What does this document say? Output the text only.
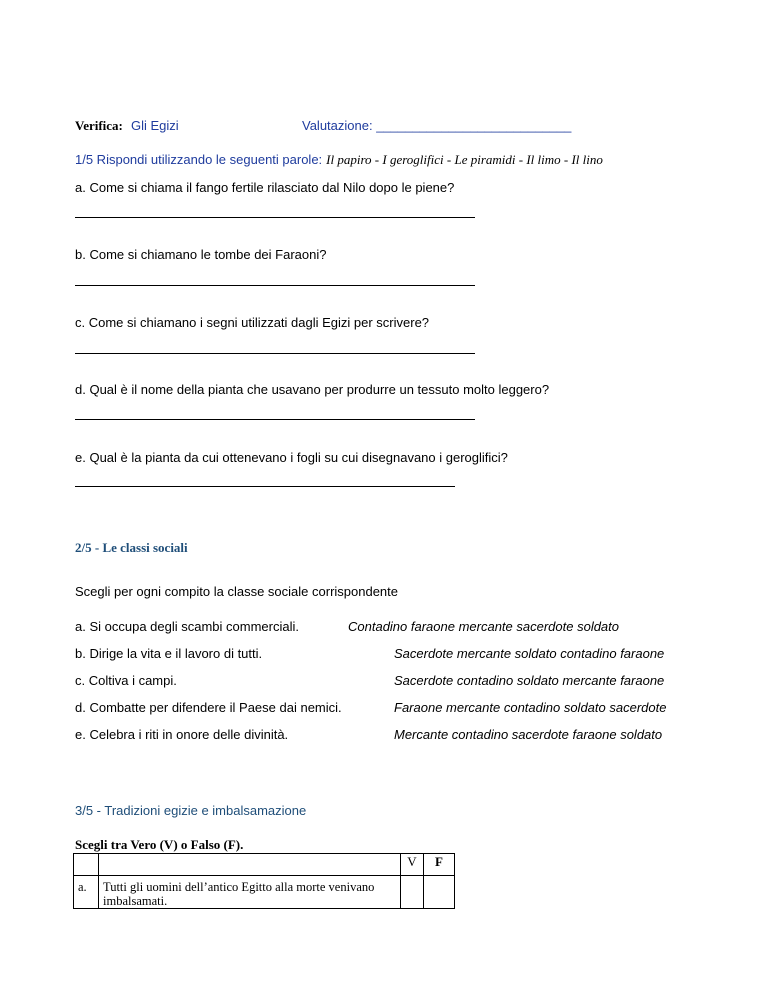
Verifica: Gli Egizi	Valutazione: ___________________________
1/5 Rispondi utilizzando le seguenti parole: Il papiro - I geroglifici - Le piramidi - Il limo - Il lino
a. Come si chiama il fango fertile rilasciato dal Nilo dopo le piene?
b. Come si chiamano le tombe dei Faraoni?
c. Come si chiamano i segni utilizzati dagli Egizi per scrivere?
d. Qual è il nome della pianta che usavano per produrre un tessuto molto leggero?
e. Qual è la pianta da cui ottenevano i fogli su cui disegnavano i geroglifici?
2/5 - Le classi sociali
Scegli per ogni compito la classe sociale corrispondente
a. Si occupa degli scambi commerciali.	Contadino faraone mercante sacerdote soldato
b. Dirige la vita e il lavoro di tutti.	Sacerdote mercante soldato contadino faraone
c. Coltiva i campi.	Sacerdote contadino soldato mercante faraone
d. Combatte per difendere il Paese dai nemici.	Faraone mercante contadino soldato sacerdote
e. Celebra i riti in onore delle divinità.	Mercante contadino sacerdote faraone soldato
3/5 - Tradizioni egizie e imbalsamazione
Scegli tra Vero (V) o Falso (F).
		V	F
a.	Tutti gli uomini dell’antico Egitto alla morte venivano imbalsamati.		
